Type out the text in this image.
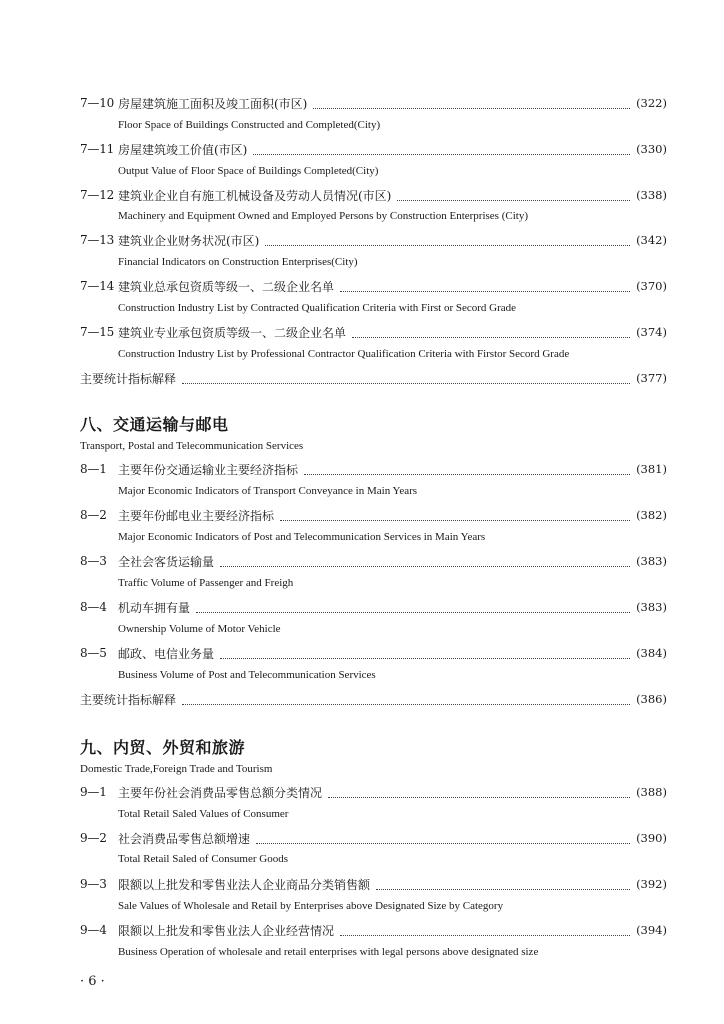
7—10 房屋建筑施工面积及竣工面积(市区)	(322)
Floor Space of Buildings Constructed and Completed(City)
7—11 房屋建筑竣工价值(市区)	(330)
Output Value of Floor Space of Buildings Completed(City)
7—12 建筑业企业自有施工机械设备及劳动人员情况(市区)	(338)
Machinery and Equipment Owned and Employed Persons by Construction Enterprises (City)
7—13 建筑业企业财务状况(市区)	(342)
Financial Indicators on Construction Enterprises(City)
7—14 建筑业总承包资质等级一、二级企业名单	(370)
Construction Industry List by Contracted Qualification Criteria with First or Secord Grade
7—15 建筑业专业承包资质等级一、二级企业名单	(374)
Construction Industry List by Professional Contractor Qualification Criteria with Firstor Secord Grade
主要统计指标解释	(377)
八、交通运输与邮电
Transport, Postal and Telecommunication Services
8—1 主要年份交通运输业主要经济指标	(381)
Major Economic Indicators of Transport Conveyance in Main Years
8—2 主要年份邮电业主要经济指标	(382)
Major Economic Indicators of Post and Telecommunication Services in Main Years
8—3 全社会客货运输量	(383)
Traffic Volume of Passenger and Freigh
8—4 机动车拥有量	(383)
Ownership Volume of Motor Vehicle
8—5 邮政、电信业务量	(384)
Business Volume of Post and Telecommunication Services
主要统计指标解释	(386)
九、内贸、外贸和旅游
Domestic Trade,Foreign Trade and Tourism
9—1 主要年份社会消费品零售总额分类情况	(388)
Total Retail Saled Values of Consumer
9—2 社会消费品零售总额增速	(390)
Total Retail Saled of Consumer Goods
9—3 限额以上批发和零售业法人企业商品分类销售额	(392)
Sale Values of Wholesale and Retail by Enterprises above Designated Size by Category
9—4 限额以上批发和零售业法人企业经营情况	(394)
Business Operation of wholesale and retail enterprises with legal persons above designated size
· 6 ·
